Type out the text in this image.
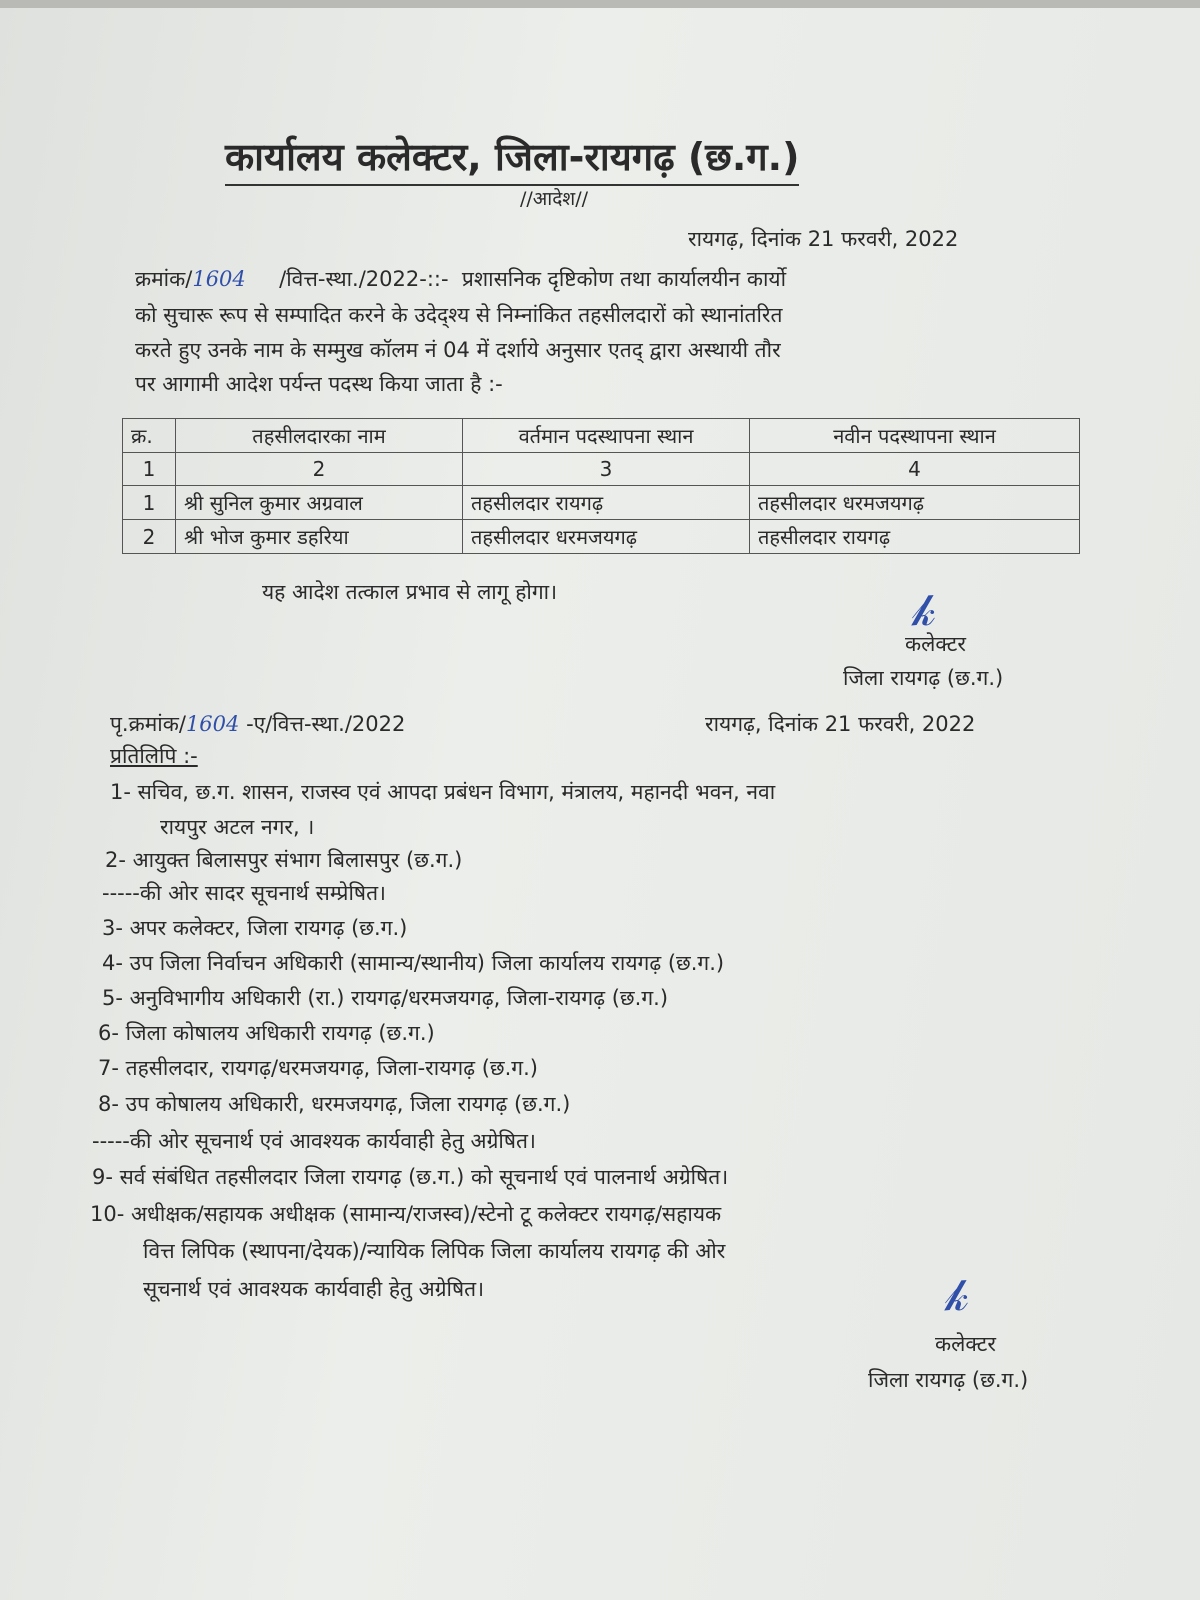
कार्यालय कलेक्टर, जिला-रायगढ़ (छ.ग.)
//आदेश//
रायगढ़, दिनांक 21 फरवरी, 2022
क्रमांक/1604 /वित्त-स्था./2022-::- प्रशासनिक दृष्टिकोण तथा कार्यालयीन कार्यो
को सुचारू रूप से सम्पादित करने के उदेद्श्य से निम्नांकित तहसीलदारों को स्थानांतरित
करते हुए उनके नाम के सम्मुख कॉलम नं 04 में दर्शाये अनुसार एतद् द्वारा अस्थायी तौर
पर आगामी आदेश पर्यन्त पदस्थ किया जाता है :-
क्र.	तहसीलदारका नाम	वर्तमान पदस्थापना स्थान	नवीन पदस्थापना स्थान
1	2	3	4
1	श्री सुनिल कुमार अग्रवाल	तहसीलदार रायगढ़	तहसीलदार धरमजयगढ़
2	श्री भोज कुमार डहरिया	तहसीलदार धरमजयगढ़	तहसीलदार रायगढ़
यह आदेश तत्काल प्रभाव से लागू होगा।	𝓀
कलेक्टर
जिला रायगढ़ (छ.ग.)
पृ.क्रमांक/1604 -ए/वित्त-स्था./2022	रायगढ़, दिनांक 21 फरवरी, 2022
प्रतिलिपि :-
1- सचिव, छ.ग. शासन, राजस्व एवं आपदा प्रबंधन विभाग, मंत्रालय, महानदी भवन, नवा
रायपुर अटल नगर, ।
2- आयुक्त बिलासपुर संभाग बिलासपुर (छ.ग.)
-----की ओर सादर सूचनार्थ सम्प्रेषित।
3- अपर कलेक्टर, जिला रायगढ़ (छ.ग.)
4- उप जिला निर्वाचन अधिकारी (सामान्य/स्थानीय) जिला कार्यालय रायगढ़ (छ.ग.)
5- अनुविभागीय अधिकारी (रा.) रायगढ़/धरमजयगढ़, जिला-रायगढ़ (छ.ग.)
6- जिला कोषालय अधिकारी रायगढ़ (छ.ग.)
7- तहसीलदार, रायगढ़/धरमजयगढ़, जिला-रायगढ़ (छ.ग.)
8- उप कोषालय अधिकारी, धरमजयगढ़, जिला रायगढ़ (छ.ग.)
-----की ओर सूचनार्थ एवं आवश्यक कार्यवाही हेतु अग्रेषित।
9- सर्व संबंधित तहसीलदार जिला रायगढ़ (छ.ग.) को सूचनार्थ एवं पालनार्थ अग्रेषित।
10- अधीक्षक/सहायक अधीक्षक (सामान्य/राजस्व)/स्टेनो टू कलेक्टर रायगढ़/सहायक
वित्त लिपिक (स्थापना/देयक)/न्यायिक लिपिक जिला कार्यालय रायगढ़ की ओर
सूचनार्थ एवं आवश्यक कार्यवाही हेतु अग्रेषित।	𝓀
कलेक्टर
जिला रायगढ़ (छ.ग.)
